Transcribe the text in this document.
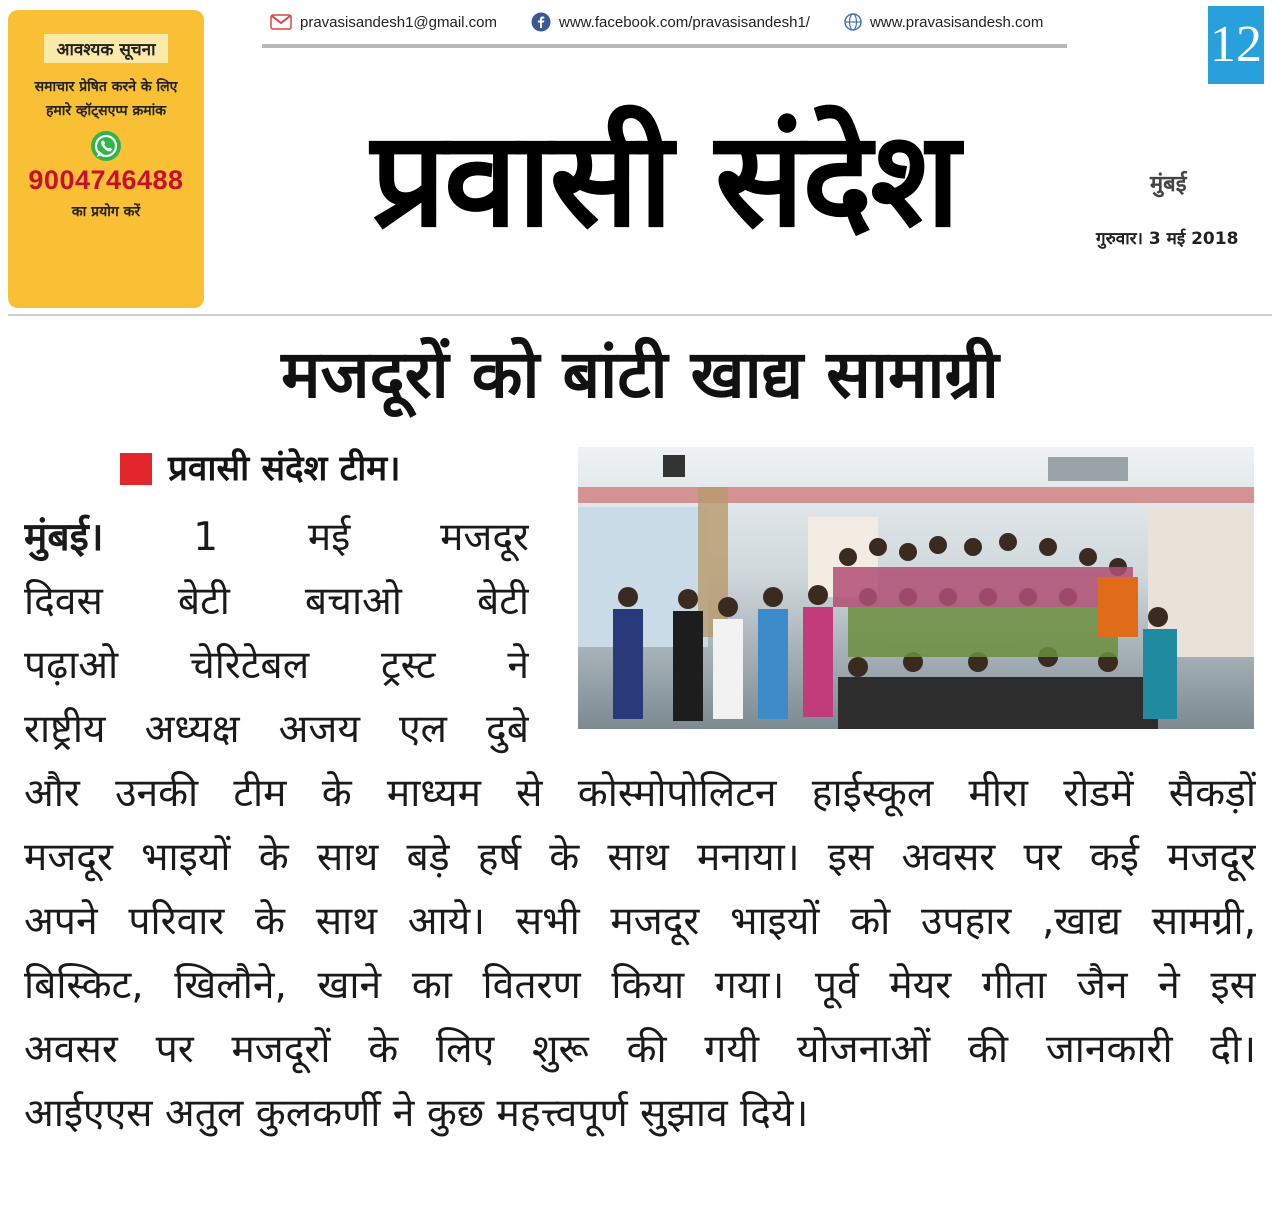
आवश्यक सूचना
समाचार प्रेषित करने के लिए
हमारे व्हॉट्सएप्प क्रमांक
9004746488
का प्रयोग करें
pravasisandesh1@gmail.com	www.facebook.com/pravasisandesh1/	www.pravasisandesh.com	12
प्रवासी संदेश	मुंबई
गुरुवार। 3 मई 2018
मजदूरों को बांटी खाद्य सामाग्री
प्रवासी संदेश टीम।
मुंबई। 1 मई मजदूर
दिवस बेटी बचाओ बेटी
पढ़ाओ चेरिटेबल ट्रस्ट ने
राष्ट्रीय अध्यक्ष अजय एल दुबे
और उनकी टीम के माध्यम से कोस्मोपोलिटन हाईस्कूल मीरा रोडमें सैकड़ों
मजदूर भाइयों के साथ बड़े हर्ष के साथ मनाया। इस अवसर पर कई मजदूर
अपने परिवार के साथ आये। सभी मजदूर भाइयों को उपहार ,खाद्य सामग्री,
बिस्किट, खिलौने, खाने का वितरण किया गया। पूर्व मेयर गीता जैन ने इस
अवसर पर मजदूरों के लिए शुरू की गयी योजनाओं की जानकारी दी।
आईएएस अतुल कुलकर्णी ने कुछ महत्त्वपूर्ण सुझाव दिये।
